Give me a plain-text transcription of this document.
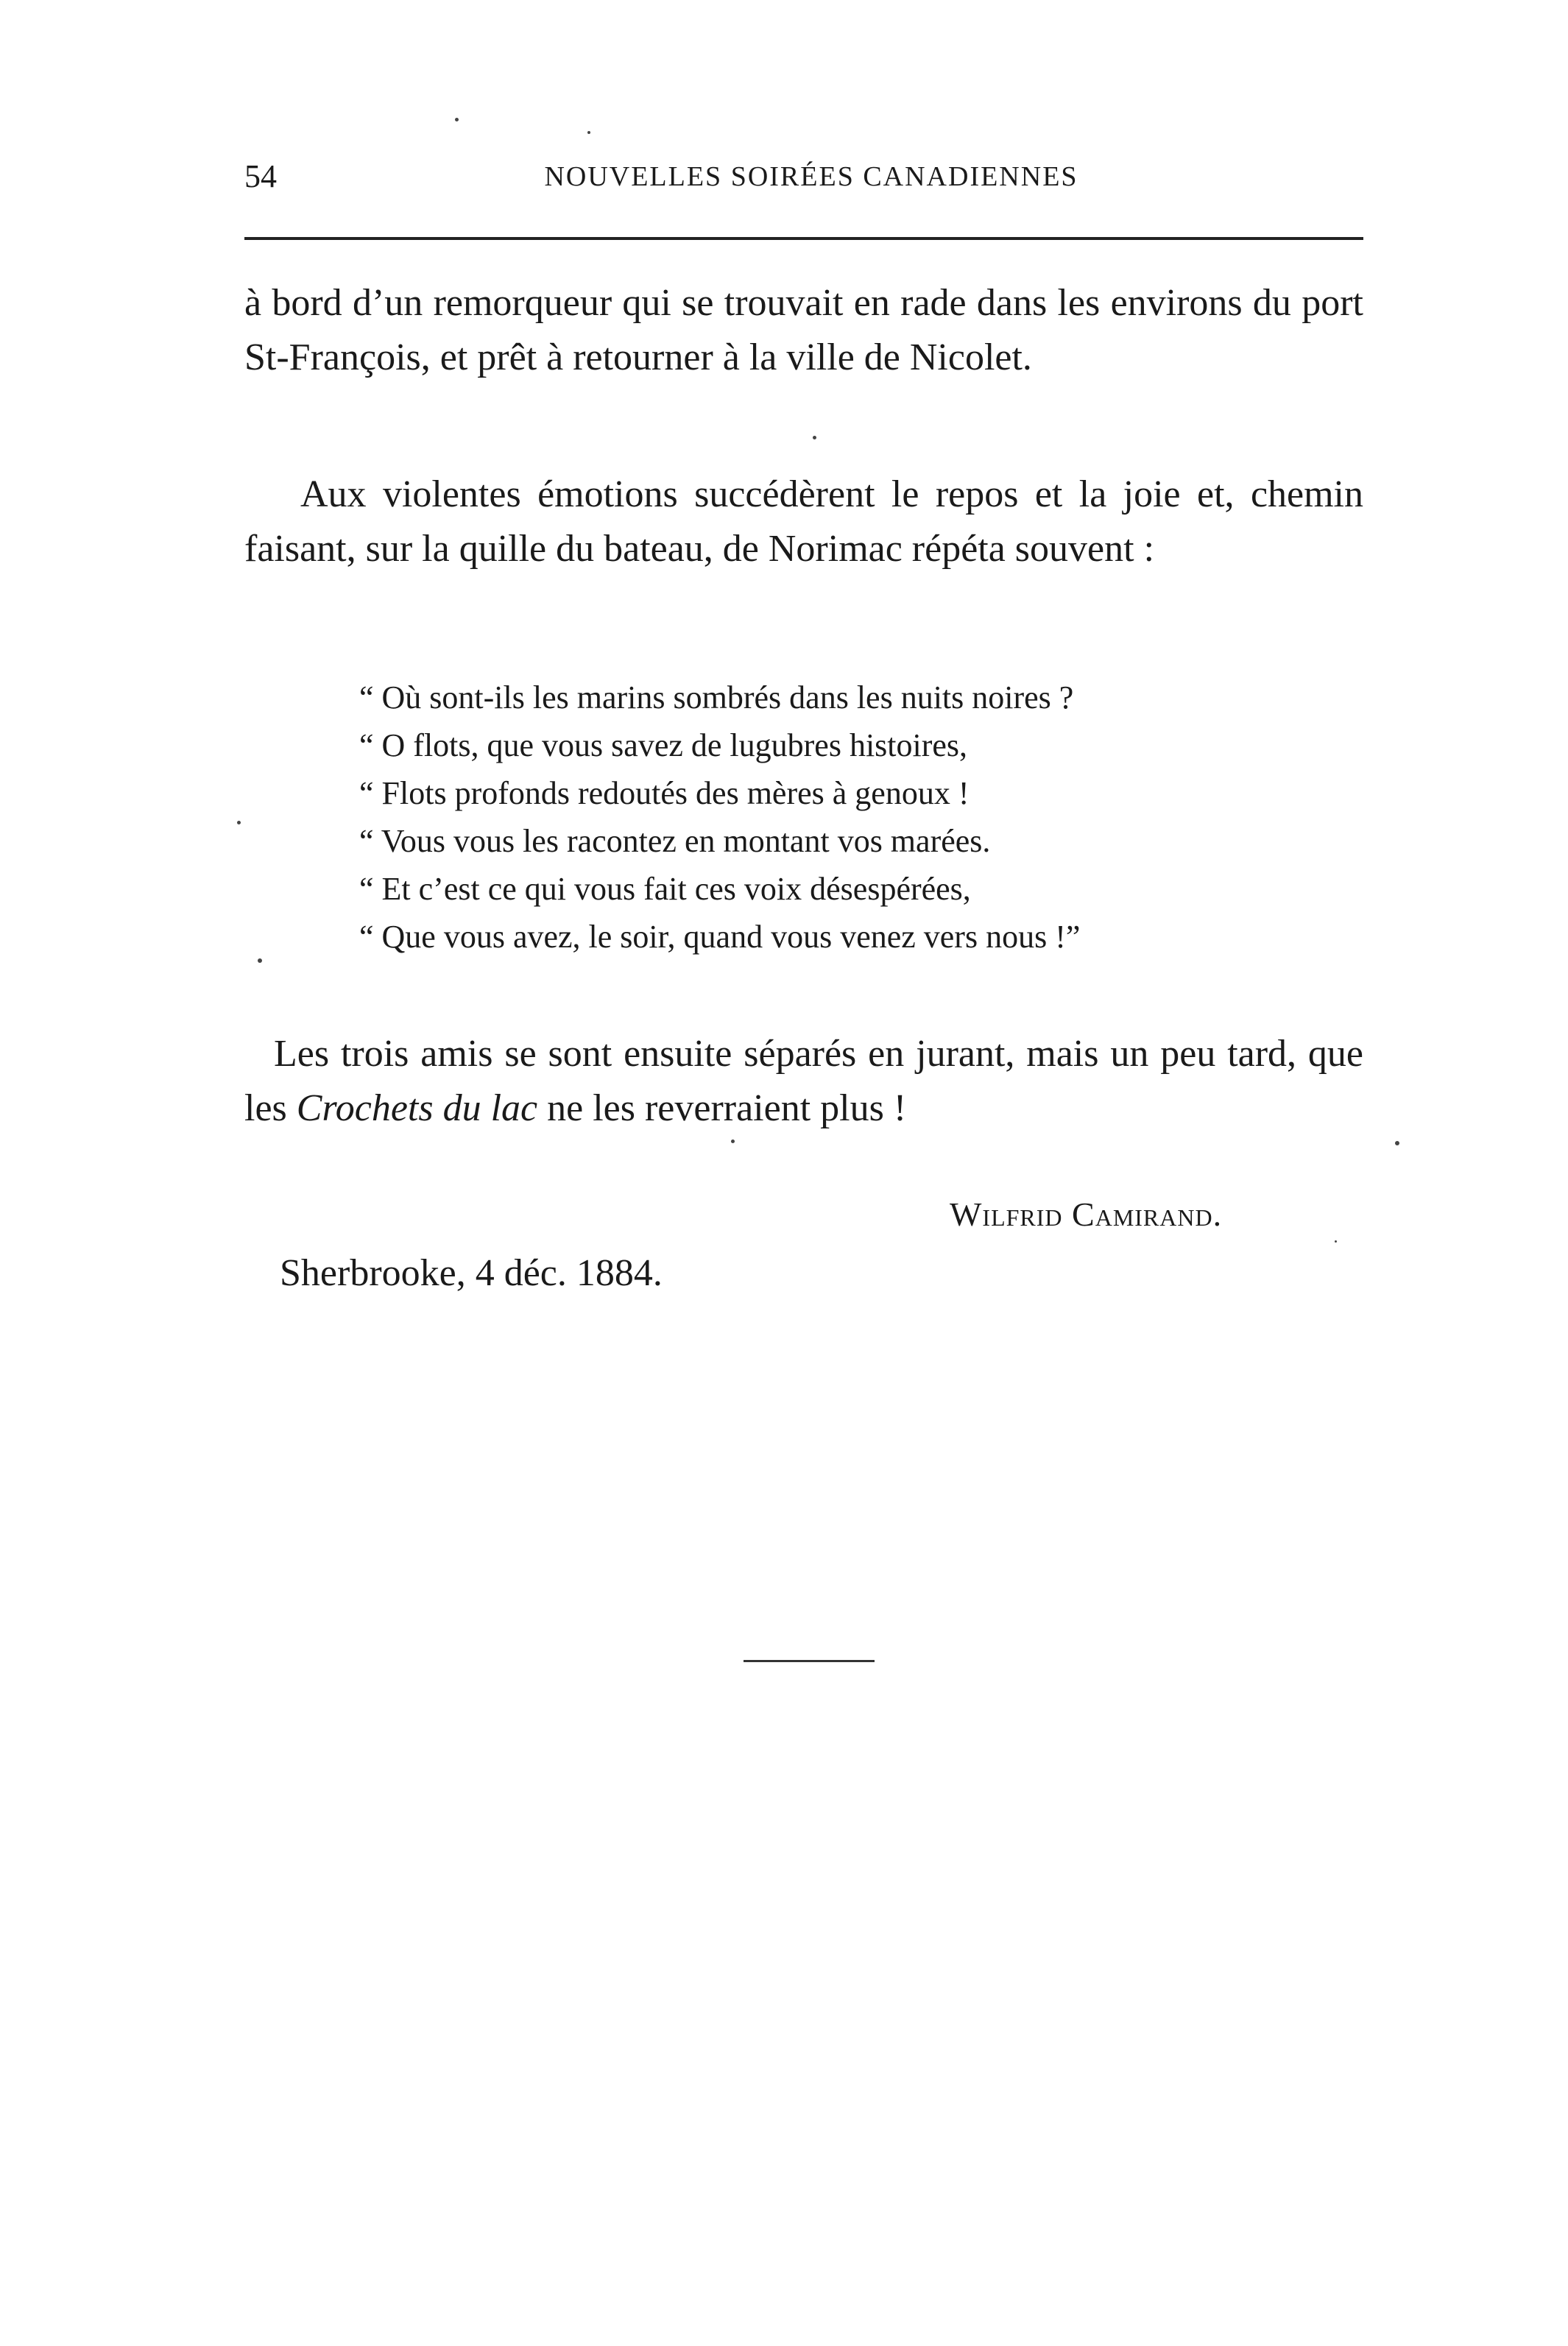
54	NOUVELLES SOIRÉES CANADIENNES

à bord d’un remorqueur qui se trouvait en rade dans les environs du port St-François, et prêt à retourner à la ville de Nicolet.

Aux violentes émotions succédèrent le repos et la joie et, chemin faisant, sur la quille du bateau, de Norimac répéta souvent :

“ Où sont-ils les marins sombrés dans les nuits noires ?
“ O flots, que vous savez de lugubres histoires,
“ Flots profonds redoutés des mères à genoux !
“ Vous vous les racontez en montant vos marées.
“ Et c’est ce qui vous fait ces voix désespérées,
“ Que vous avez, le soir, quand vous venez vers nous !”

Les trois amis se sont ensuite séparés en jurant, mais un peu tard, que les Crochets du lac ne les reverraient plus !

Wilfrid Camirand.
Sherbrooke, 4 déc. 1884.
